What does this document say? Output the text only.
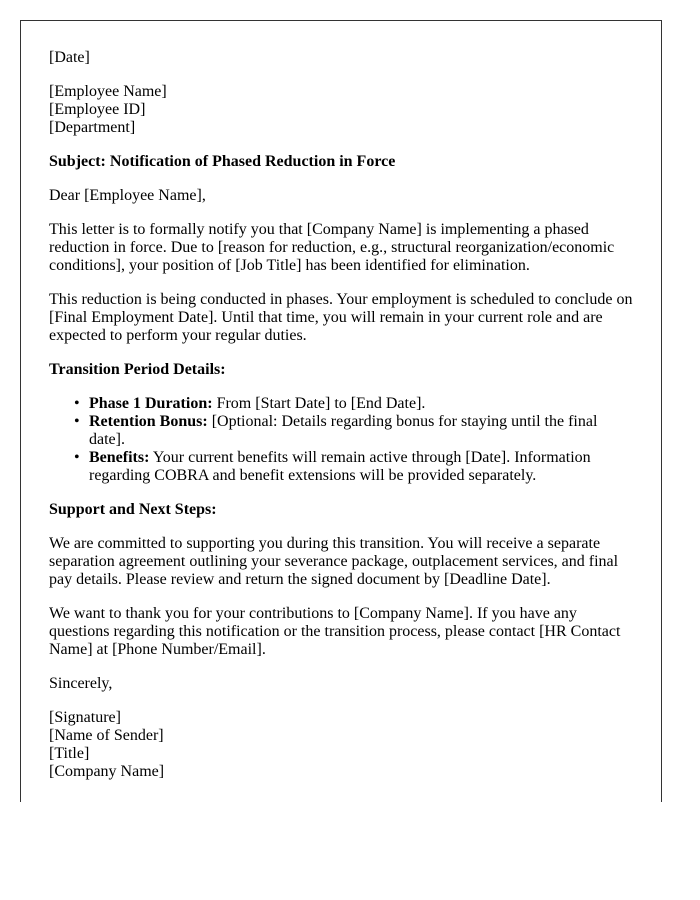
[Date]

[Employee Name]
[Employee ID]
[Department]

Subject: Notification of Phased Reduction in Force

Dear [Employee Name],

This letter is to formally notify you that [Company Name] is implementing a phased reduction in force. Due to [reason for reduction, e.g., structural reorganization/economic conditions], your position of [Job Title] has been identified for elimination.

This reduction is being conducted in phases. Your employment is scheduled to conclude on [Final Employment Date]. Until that time, you will remain in your current role and are expected to perform your regular duties.

Transition Period Details:

• Phase 1 Duration: From [Start Date] to [End Date].
• Retention Bonus: [Optional: Details regarding bonus for staying until the final date].
• Benefits: Your current benefits will remain active through [Date]. Information regarding COBRA and benefit extensions will be provided separately.

Support and Next Steps:

We are committed to supporting you during this transition. You will receive a separate separation agreement outlining your severance package, outplacement services, and final pay details. Please review and return the signed document by [Deadline Date].

We want to thank you for your contributions to [Company Name]. If you have any questions regarding this notification or the transition process, please contact [HR Contact Name] at [Phone Number/Email].

Sincerely,

[Signature]
[Name of Sender]
[Title]
[Company Name]
